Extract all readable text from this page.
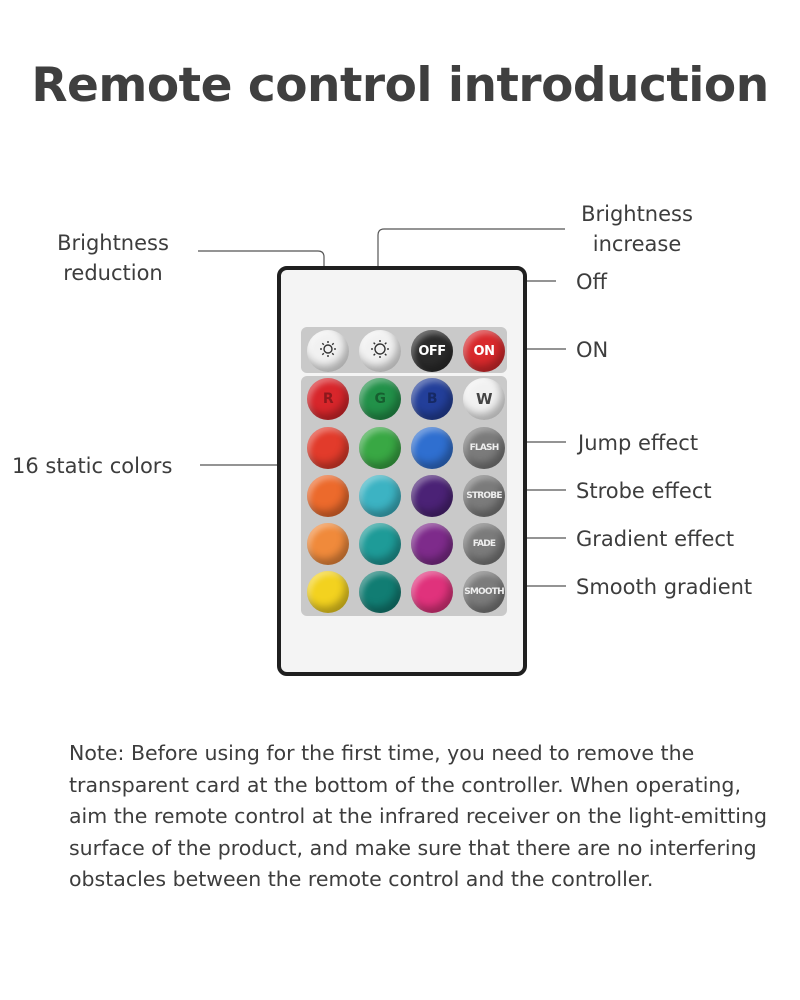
Remote control introduction
Brightness
reduction
Brightness
increase
Off
ON
16 static colors
Jump effect
Strobe effect
Gradient effect
Smooth gradient
OFF ON
R	G	B	W
FLASH
STROBE
FADE
SMOOTH

Note: Before using for the first time, you need to remove the transparent card at the bottom of the controller. When operating, aim the remote control at the infrared receiver on the light-emitting surface of the product, and make sure that there are no interfering obstacles between the remote control and the controller.
